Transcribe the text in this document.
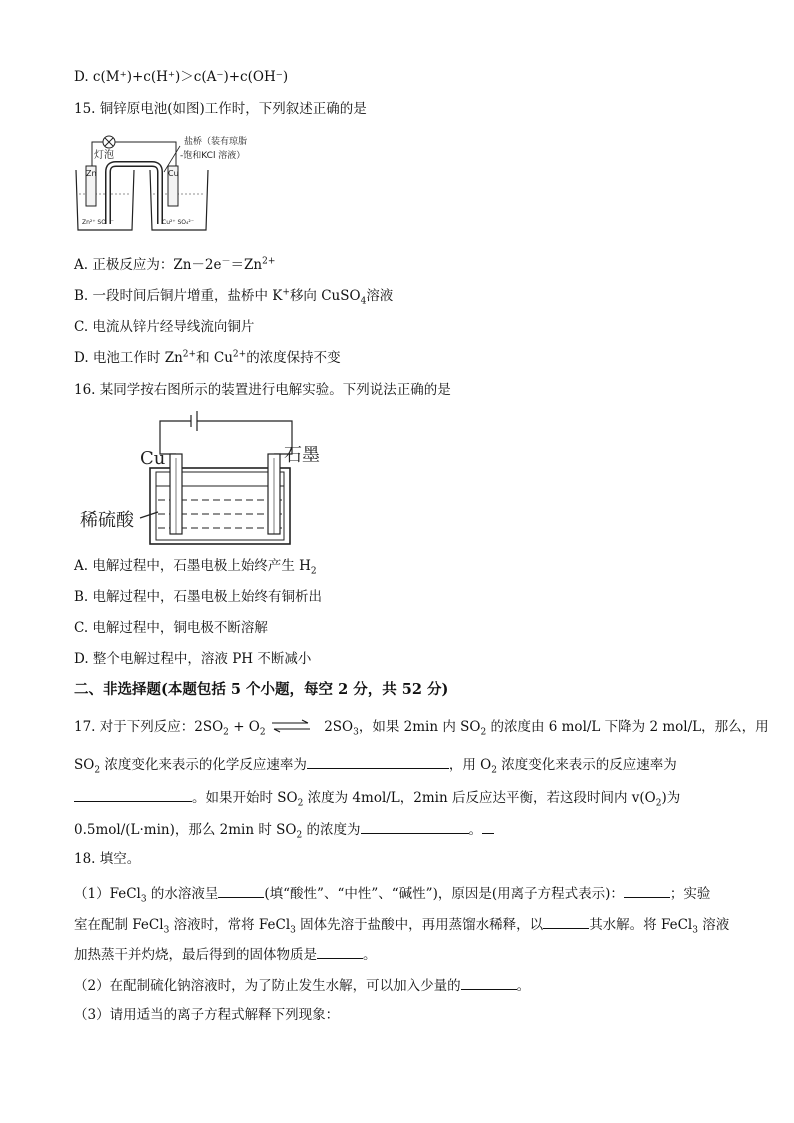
D. c(M⁺)+c(H⁺)＞c(A⁻)+c(OH⁻)
15. 铜锌原电池(如图)工作时，下列叙述正确的是
灯泡
盐桥（装有琼脂
-饱和KCl 溶液）
Zn
Zn²⁺ SO₄²⁻
Cu
Cu²⁺ SO₄²⁻
A. 正极反应为：$Zn-2e^-=Zn^{2+}$
B. 一段时间后铜片增重，盐桥中 K+移向 CuSO$_4$溶液
C. 电流从锌片经导线流向铜片
D. 电池工作时 $Zn^{2+}$和 $Cu^{2+}$的浓度保持不变
16. 某同学按右图所示的装置进行电解实验。下列说法正确的是
Cu	石墨
稀硫酸
A. 电解过程中，石墨电极上始终产生 $H_2$
B. 电解过程中，石墨电极上始终有铜析出
C. 电解过程中，铜电极不断溶解
D. 整个电解过程中，溶液 PH 不断减小
二、非选择题(本题包括 5 个小题，每空 2 分，共 52 分)
17. 对于下列反应：$2SO_2 + O_2$ ⇌ $2SO_3$，如果 2min 内 $SO_2$ 的浓度由 6 mol/L 下降为 2 mol/L，那么，用
$SO_2$ 浓度变化来表示的化学反应速率为	，用 $O_2$ 浓度变化来表示的反应速率为
。如果开始时 $SO_2$ 浓度为 4mol/L，2min 后反应达平衡，若这段时间内 $v(O_2)$为
0.5mol/(L·min)，那么 2min 时 $SO_2$ 的浓度为	。
18. 填空。
（1）FeCl$_3$ 的水溶液呈	(填“酸性”、“中性”、“碱性”)，原因是(用离子方程式表示)：	；实验
室在配制 FeCl$_3$ 溶液时，常将 FeCl$_3$ 固体先溶于盐酸中，再用蒸馏水稀释，以	其水解。将 FeCl$_3$ 溶液
加热蒸干并灼烧，最后得到的固体物质是	。
（2）在配制硫化钠溶液时，为了防止发生水解，可以加入少量的	。
（3）请用适当的离子方程式解释下列现象：
